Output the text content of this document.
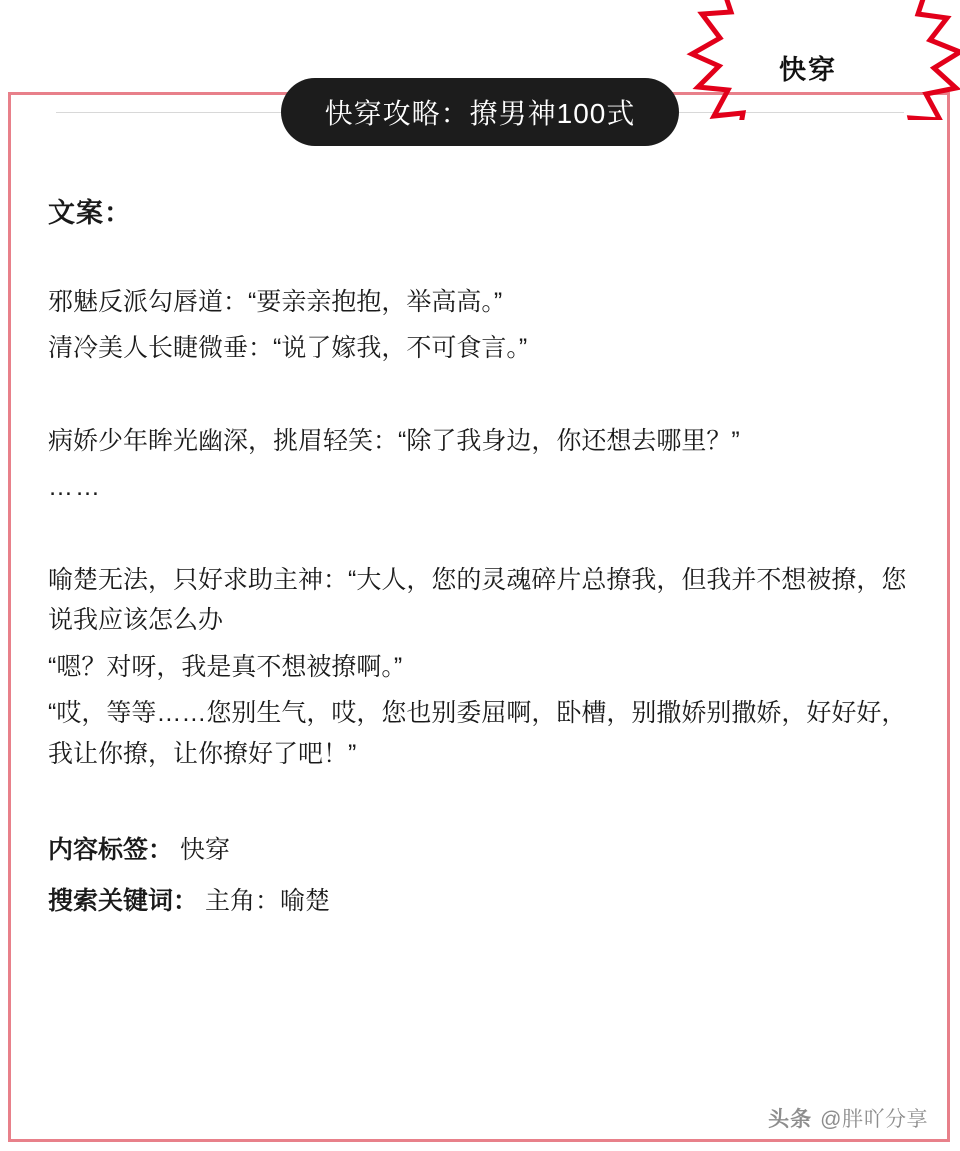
快穿
快穿攻略：撩男神100式
文案：
邪魅反派勾唇道：“要亲亲抱抱，举高高。”
清冷美人长睫微垂：“说了嫁我，不可食言。”
病娇少年眸光幽深，挑眉轻笑：“除了我身边，你还想去哪里？”
……
喻楚无法，只好求助主神：“大人，您的灵魂碎片总撩我，但我并不想被撩，您说我应该怎么办
“嗯？对呀，我是真不想被撩啊。”
“哎，等等……您别生气，哎，您也别委屈啊，卧槽，别撒娇别撒娇，好好好，我让你撩，让你撩好了吧！”
内容标签： 快穿
搜索关键词： 主角：喻楚
头条 @胖吖分享
